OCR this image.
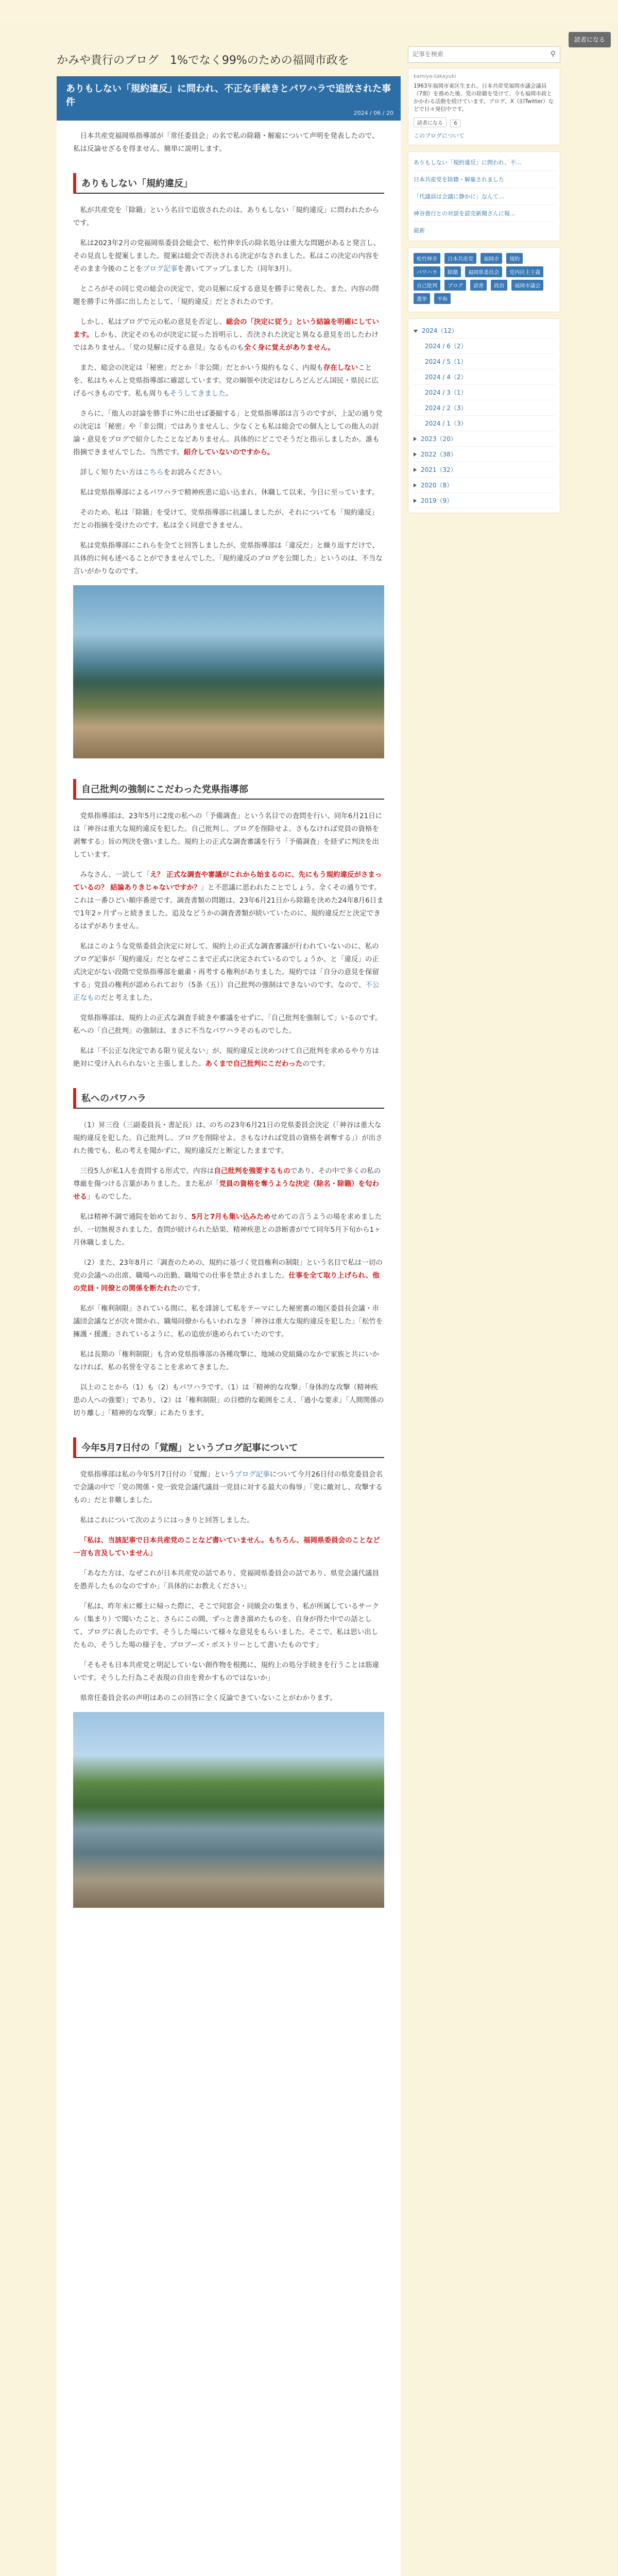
読者になる
かみや貴行のブログ　1%でなく99%のための福岡市政を
ありもしない「規約違反」に問われ、不正な手続きとパワハラで追放された事件
2024 / 06 / 20

日本共産党福岡県指導部が「常任委員会」の名で私の除籍・解雇について声明を発表したので、私は反論せざるを得ません。簡単に説明します。

ありもしない「規約違反」

私が共産党を「除籍」という名目で追放されたのは、ありもしない「規約違反」に問われたからです。

私は2023年2月の党福岡県委員会総会で、松竹伸幸氏の除名処分は重大な問題があると発言し、その見直しを提案しました。提案は総会で否決される決定がなされました。私はこの決定の内容をそのまま今後のことをブログ記事を書いてアップしました（同年3月）。

ところがその同じ党の総会の決定で、党の見解に反する意見を勝手に発表した、また、内容の問題を勝手に外部に出したとして、「規約違反」だとされたのです。

しかし、私はブログで元の私の意見を否定し、総会の「決定に従う」という結論を明確にしています。しかも、決定そのものが決定に従った旨明示し、否決された決定と異なる意見を出したわけではありません。「党の見解に反する意見」なるものも全く身に覚えがありません。

また、総会の決定は「秘密」だとか「非公開」だとかいう規約もなく、内規も存在しないことを、私はちゃんと党県指導部に確認しています。党の綱領や決定はむしろどんどん国民・県民に広げるべきものです。私も周りもそうしてきました。

さらに、「他人の討論を勝手に外に出せば萎縮する」と党県指導部は言うのですが、上記の通り党の決定は「秘密」や「非公開」ではありませんし、少なくとも私は総会での個人としての他人の討論・意見をブログで紹介したことなどありません。具体的にどこでそうだと指示しましたか。誰も指摘できませんでした。当然です。紹介していないのですから。

詳しく知りたい方はこちらをお読みください。

私は党県指導部によるパワハラで精神疾患に追い込まれ、休職して以来、今日に至っています。

そのため、私は「除籍」を受けて、党県指導部に抗議しましたが、それについても「規約違反」だとの指摘を受けたのです。私は全く同意できません。

私は党県指導部にこれらを全てと回答しましたが、党県指導部は「違反だ」と繰り返すだけで、具体的に何も述べることができませんでした。「規約違反のブログを公開した」というのは、不当な言いがかりなのです。

自己批判の強制にこだわった党県指導部

党県指導部は、23年5月に2度の私への「予備調査」という名目での査問を行い、同年6月21日には「神谷は重大な規約違反を犯した。自己批判し、ブログを削除せよ。さもなければ党員の資格を剥奪する」旨の判決を強いました。規約上の正式な調査審議を行う「予備調査」を経ずに判決を出しています。

みなさん、一読して「え？ 正式な調査や審議がこれから始まるのに、先にもう規約違反がさまっているの？ 結論ありきじゃないですか？」と不思議に思われたことでしょう。全くその通りです。これは一番ひどい順序番逆です。調査書類の問題は、23年6月21日から除籍を決めた24年8月6日まで1年2ヶ月ずっと続きました。追及などうかの調査書類が続いていたのに、規約違反だと決定できるはずがありません。

私はこのような党県委員会決定に対して、規約上の正式な調査審議が行われていないのに、私のブログ記事が「規約違反」だとなぜここまで正式に決定されているのでしょうか、と「違反」の正式決定がない段階で党県指導部を厳粛・再考する権利がありました。規約では「自分の意見を保留する」党員の権利が認められており（5条（五））自己批判の強制はできないのです。なので、不公正なものだと考えました。

党県指導部は、規約上の正式な調査手続きや審議をせずに、「自己批判を強制して」いるのです。私への「自己批判」の強制は、まさに不当なパワハラそのものでした。

私は「不公正な決定である限り従えない」が、規約違反と決めつけて自己批判を求めるやり方は絶対に受け入れられないと主張しました。あくまで自己批判にこだわったのです。

私へのパワハラ

（1）昇三役（三副委員長・書記長）は、のちの23年6月21日の党県委員会決定（「神谷は重大な規約違反を犯した。自己批判し、ブログを削除せよ。さもなければ党員の資格を剥奪する」）が出された後でも、私の考えを聞かずに、規約違反だと断定したままです。

三役5人が私1人を査問する形式で、内容は自己批判を強要するものであり、その中で多くの私の尊厳を傷つける言葉がありました。また私が「党員の資格を奪うような決定（除名・除籍）を匂わせる」ものでした。

私は精神不調で通院を始めており、5月と7月も集い込みためせめての言うようの場を求めましたが、一切無視されました。査問が続けられた結果、精神疾患との診断書がでて同年5月下旬から1ヶ月休職しました。

（2）また、23年8月に「調査のための、規約に基づく党員権利の制限」という名目で私は一切の党の会議への出席、職場への出勤、職場での仕事を禁止されました。仕事を全て取り上げられ、他の党員・同僚との関係を断たれたのです。

私が「権利制限」されている間に、私を誹謗して私をテーマにした秘密裏の地区委員長会議・市議団会議などが次々開かれ、職場同僚からもいわれなき「神谷は重大な規約違反を犯した」「松竹を擁護・援護」されているように、私の追放が進められていたのです。

私は長期の「権利制限」も含め党県指導部の各種攻撃に、地域の党組織のなかで家族と共にいかなければ、私の名誉を守ることを求めてきました。

以上のことから（1）も（2）もパワハラです。（1）は「精神的な攻撃」「身体的な攻撃（精神疾患の人への強要）」であり、（2）は「権利制限」の目標的な範囲をこえ、「過小な要求」「人間関係の切り離し」「精神的な攻撃」にあたります。

今年5月7日付の「覚醒」というブログ記事について

党県指導部は私の今年5月7日付の「覚醒」というブログ記事について今月26日付の県党委員会名で会議の中で「党の関係・党一致党会議代議員一党員に対する最大の侮辱」「党に敵対し、攻撃するもの」だと非難しました。

私はこれについて次のようにはっきりと回答しました。

「私は、当該記事で日本共産党のことなど書いていません。もちろん、福岡県委員会のことなど一言も言及していません」

「あなた方は、なぜこれが日本共産党の話であり、党福岡県委員会の話であり、県党会議代議員を愚弄したものなのですか」「具体的にお教えください」

「私は、昨年末に郷土に帰った際に、そこで同窓会・同級会の集まり、私が所属しているサークル（集まり）で聞いたこと、さらにこの間、ずっと書き溜めたものを、自身が得た中での話として、ブログに表したのです。そうした場にいて様々な意見をもらいました。そこで、私は思い出したもの、そうした場の様子を、プロブーズ・ポストリーとして書いたものです」

「そもそも日本共産党と明記していない創作物を根拠に、規約上の処分手続きを行うことは筋違いです。そうした行為こそ表現の自由を脅かすものではないか」

県常任委員会名の声明はあのこの回答に全く反論できていないことがわかります。

記事を検索
⚲
kamiya-takayuki
1963年福岡市東区生まれ。日本共産党福岡市議会議員（7期）を務めた後、党の除籍を受けて、今も福岡市政とかかわる活動を続けています。ブログ、X（旧Twitter）などで日々発信中です。
読者になる 6
このブログについて
ありもしない「規約違反」に問われ、不…
日本共産党を除籍・解雇されました
「代議員は会議に静かに」なんて…
神谷貴行との対談を読売新聞さんに報…
最新
松竹伸幸 日本共産党 福岡市 規約 パワハラ 除籍 福岡県委員会 党内民主主義 自己批判 ブログ 読書 政治 福岡市議会 選挙 平和
2024（12）
2024 / 6（2）
2024 / 5（1）
2024 / 4（2）
2024 / 3（1）
2024 / 2（3）
2024 / 1（3）
2023（20）
2022（38）
2021（32）
2020（8）
2019（9）
